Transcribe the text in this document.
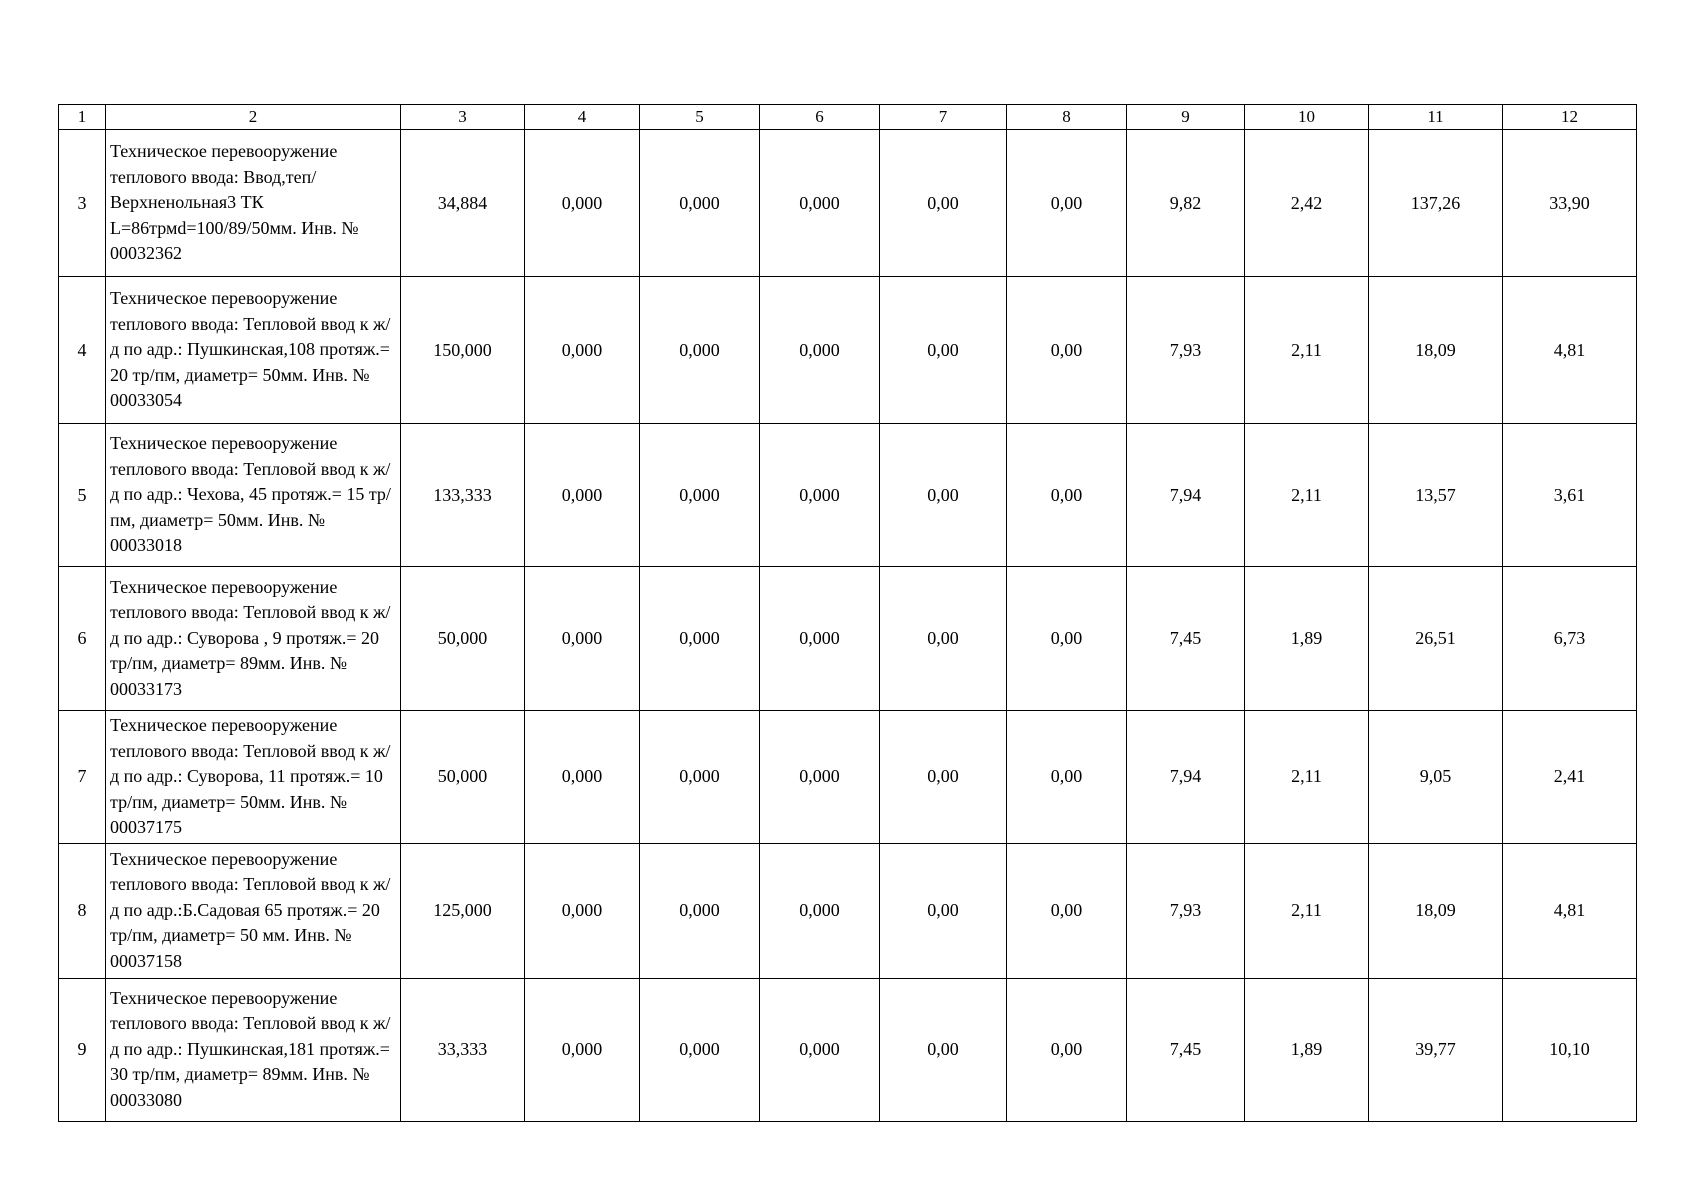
1	2	3	4	5	6	7	8	9	10	11	12
3	Техническое перевооружение теплового ввода: Ввод,теп/ Верхненольная3 ТК L=86трмd=100/89/50мм. Инв. № 00032362	34,884	0,000	0,000	0,000	0,00	0,00	9,82	2,42	137,26	33,90
4	Техническое перевооружение теплового ввода: Тепловой ввод к ж/д по адр.: Пушкинская,108 протяж.= 20 тр/пм, диаметр= 50мм. Инв. № 00033054	150,000	0,000	0,000	0,000	0,00	0,00	7,93	2,11	18,09	4,81
5	Техническое перевооружение теплового ввода: Тепловой ввод к ж/д по адр.: Чехова, 45 протяж.= 15 тр/пм, диаметр= 50мм. Инв. № 00033018	133,333	0,000	0,000	0,000	0,00	0,00	7,94	2,11	13,57	3,61
6	Техническое перевооружение теплового ввода: Тепловой ввод к ж/д по адр.: Суворова , 9 протяж.= 20 тр/пм, диаметр= 89мм. Инв. № 00033173	50,000	0,000	0,000	0,000	0,00	0,00	7,45	1,89	26,51	6,73
7	Техническое перевооружение теплового ввода: Тепловой ввод к ж/д по адр.: Суворова, 11 протяж.= 10 тр/пм, диаметр= 50мм. Инв. № 00037175	50,000	0,000	0,000	0,000	0,00	0,00	7,94	2,11	9,05	2,41
8	Техническое перевооружение теплового ввода: Тепловой ввод к ж/д по адр.:Б.Садовая 65 протяж.= 20 тр/пм, диаметр= 50 мм. Инв. № 00037158	125,000	0,000	0,000	0,000	0,00	0,00	7,93	2,11	18,09	4,81
9	Техническое перевооружение теплового ввода: Тепловой ввод к ж/д по адр.: Пушкинская,181 протяж.= 30 тр/пм, диаметр= 89мм. Инв. № 00033080	33,333	0,000	0,000	0,000	0,00	0,00	7,45	1,89	39,77	10,10
